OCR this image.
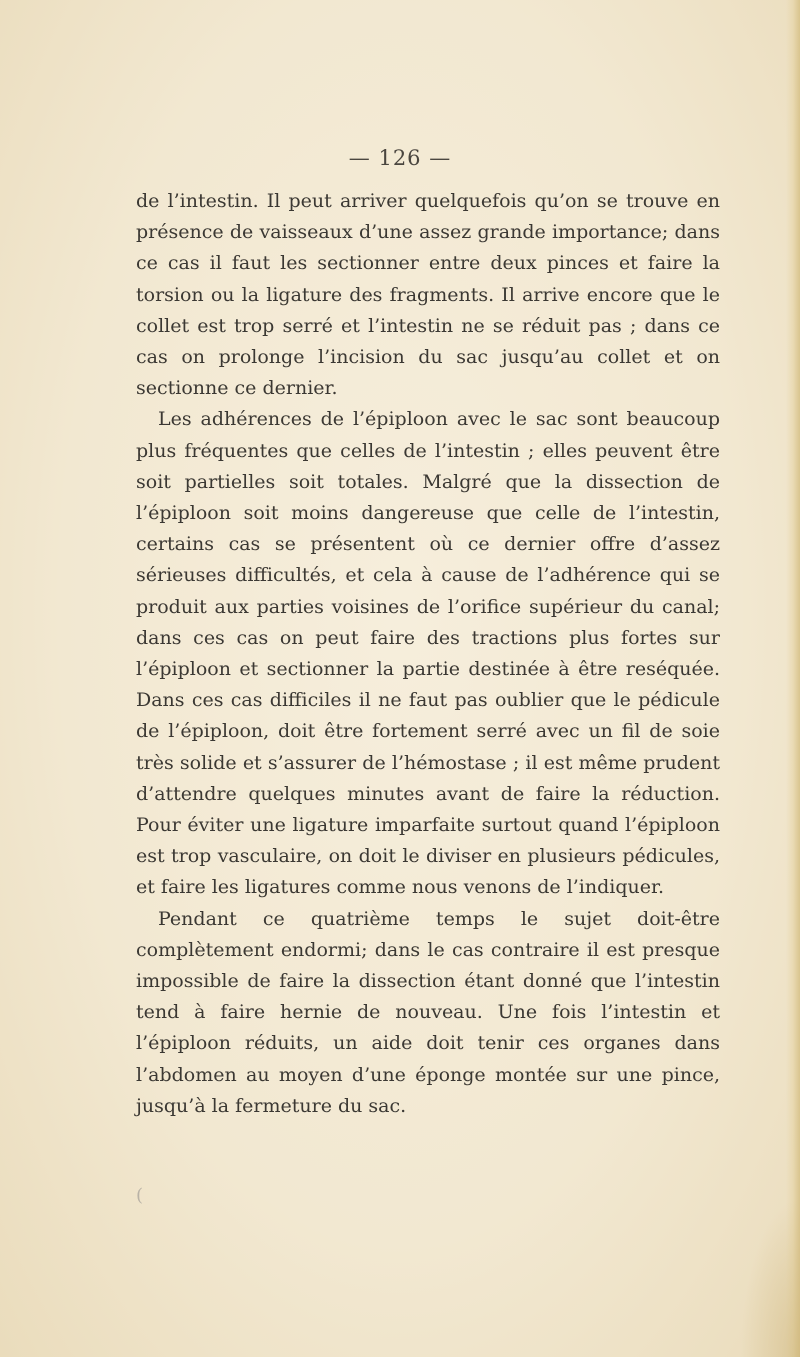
— 126 —

de l’intestin. Il peut arriver quelquefois qu’on se trouve en présence de vaisseaux d’une assez grande importance; dans ce cas il faut les sectionner entre deux pinces et faire la torsion ou la ligature des fragments. Il arrive encore que le collet est trop serré et l’intestin ne se réduit pas ; dans ce cas on prolonge l’incision du sac jusqu’au collet et on sectionne ce dernier.

Les adhérences de l’épiploon avec le sac sont beaucoup plus fréquentes que celles de l’intestin ; elles peuvent être soit partielles soit totales. Malgré que la dissection de l’épiploon soit moins dangereuse que celle de l’intestin, certains cas se présentent où ce dernier offre d’assez sérieuses difficultés, et cela à cause de l’adhérence qui se produit aux parties voisines de l’orifice supérieur du canal; dans ces cas on peut faire des tractions plus fortes sur l’épiploon et sectionner la partie destinée à être reséquée. Dans ces cas difficiles il ne faut pas oublier que le pédicule de l’épiploon, doit être fortement serré avec un fil de soie très solide et s’assurer de l’hémostase ; il est même prudent d’attendre quelques minutes avant de faire la réduction. Pour éviter une ligature imparfaite surtout quand l’épiploon est trop vasculaire, on doit le diviser en plusieurs pédicules, et faire les ligatures comme nous venons de l’indiquer.

Pendant ce quatrième temps le sujet doit-être complètement endormi; dans le cas contraire il est presque impossible de faire la dissection étant donné que l’intestin tend à faire hernie de nouveau. Une fois l’intestin et l’épiploon réduits, un aide doit tenir ces organes dans l’abdomen au moyen d’une éponge montée sur une pince, jusqu’à la fermeture du sac.

(
